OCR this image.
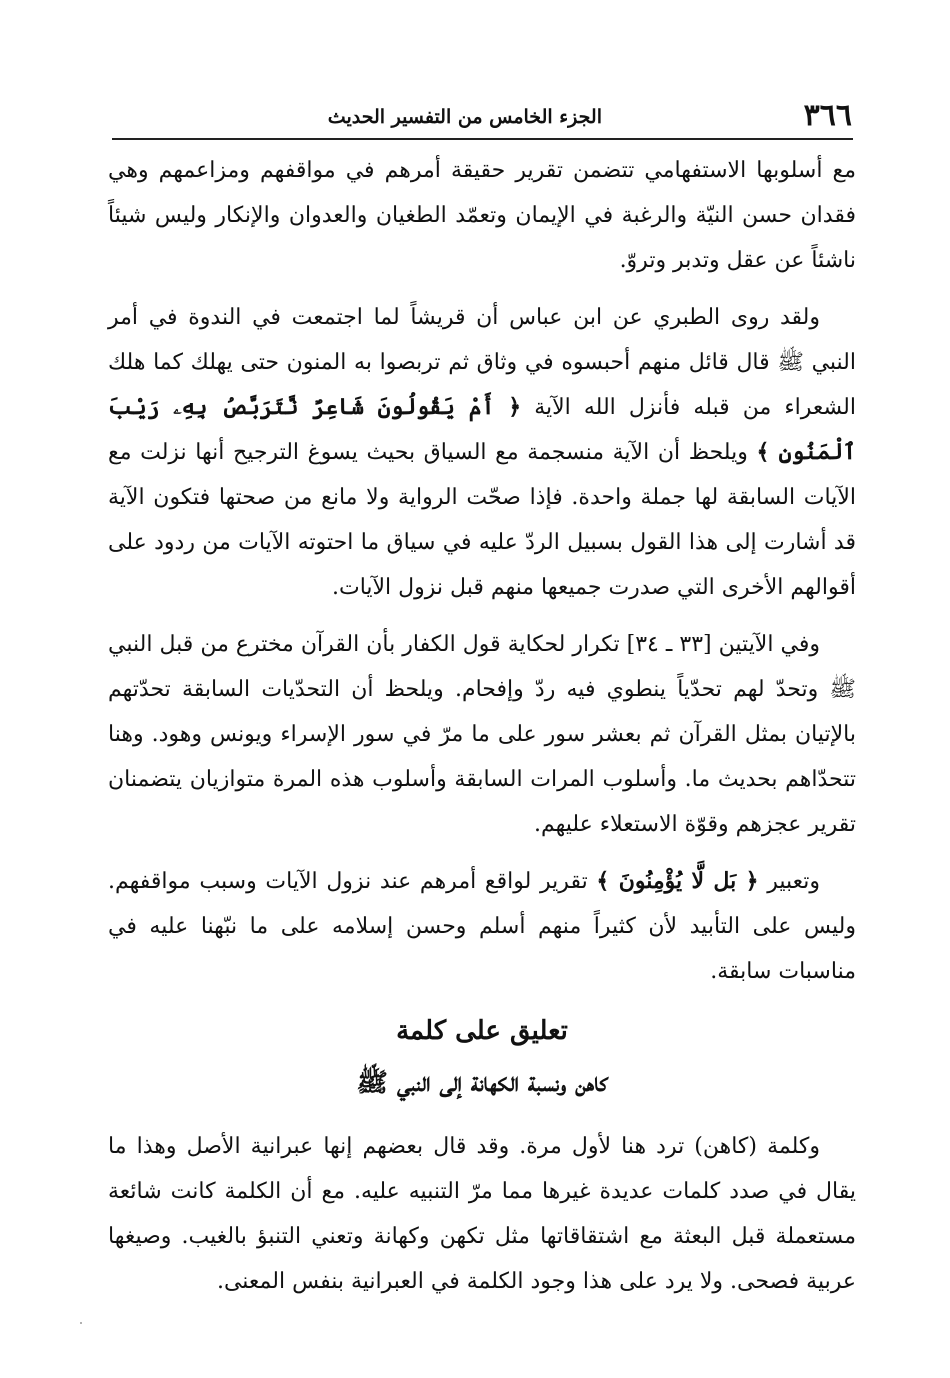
٣٦٦
الجزء الخامس من التفسير الحديث

مع أسلوبها الاستفهامي تتضمن تقرير حقيقة أمرهم في مواقفهم ومزاعمهم وهي فقدان حسن النيّة والرغبة في الإيمان وتعمّد الطغيان والعدوان والإنكار وليس شيئاً ناشئاً عن عقل وتدبر وتروّ.

ولقد روى الطبري عن ابن عباس أن قريشاً لما اجتمعت في الندوة في أمر النبي ﷺ قال قائل منهم أحبسوه في وثاق ثم تربصوا به المنون حتى يهلك كما هلك الشعراء من قبله فأنزل الله الآية ﴿ أَمْ يَقُولُونَ شَاعِرٌ نَّتَرَبَّصُ بِهِۦ رَيْبَ ٱلْمَنُونِ ﴾ ويلحظ أن الآية منسجمة مع السياق بحيث يسوغ الترجيح أنها نزلت مع الآيات السابقة لها جملة واحدة. فإذا صحّت الرواية ولا مانع من صحتها فتكون الآية قد أشارت إلى هذا القول بسبيل الردّ عليه في سياق ما احتوته الآيات من ردود على أقوالهم الأخرى التي صدرت جميعها منهم قبل نزول الآيات.

وفي الآيتين [٣٣ ـ ٣٤] تكرار لحكاية قول الكفار بأن القرآن مخترع من قبل النبي ﷺ وتحدّ لهم تحدّياً ينطوي فيه ردّ وإفحام. ويلحظ أن التحدّيات السابقة تحدّتهم بالإتيان بمثل القرآن ثم بعشر سور على ما مرّ في سور الإسراء ويونس وهود. وهنا تتحدّاهم بحديث ما. وأسلوب المرات السابقة وأسلوب هذه المرة متوازيان يتضمنان تقرير عجزهم وقوّة الاستعلاء عليهم.

وتعبير ﴿ بَل لَّا يُؤْمِنُونَ ﴾ تقرير لواقع أمرهم عند نزول الآيات وسبب مواقفهم. وليس على التأبيد لأن كثيراً منهم أسلم وحسن إسلامه على ما نبّهنا عليه في مناسبات سابقة.

تعليق على كلمة
كاهن ونسبة الكهانة إلى النبي ﷺ

وكلمة (كاهن) ترد هنا لأول مرة. وقد قال بعضهم إنها عبرانية الأصل وهذا ما يقال في صدد كلمات عديدة غيرها مما مرّ التنبيه عليه. مع أن الكلمة كانت شائعة مستعملة قبل البعثة مع اشتقاقاتها مثل تكهن وكهانة وتعني التنبؤ بالغيب. وصيغها عربية فصحى. ولا يرد على هذا وجود الكلمة في العبرانية بنفس المعنى.
